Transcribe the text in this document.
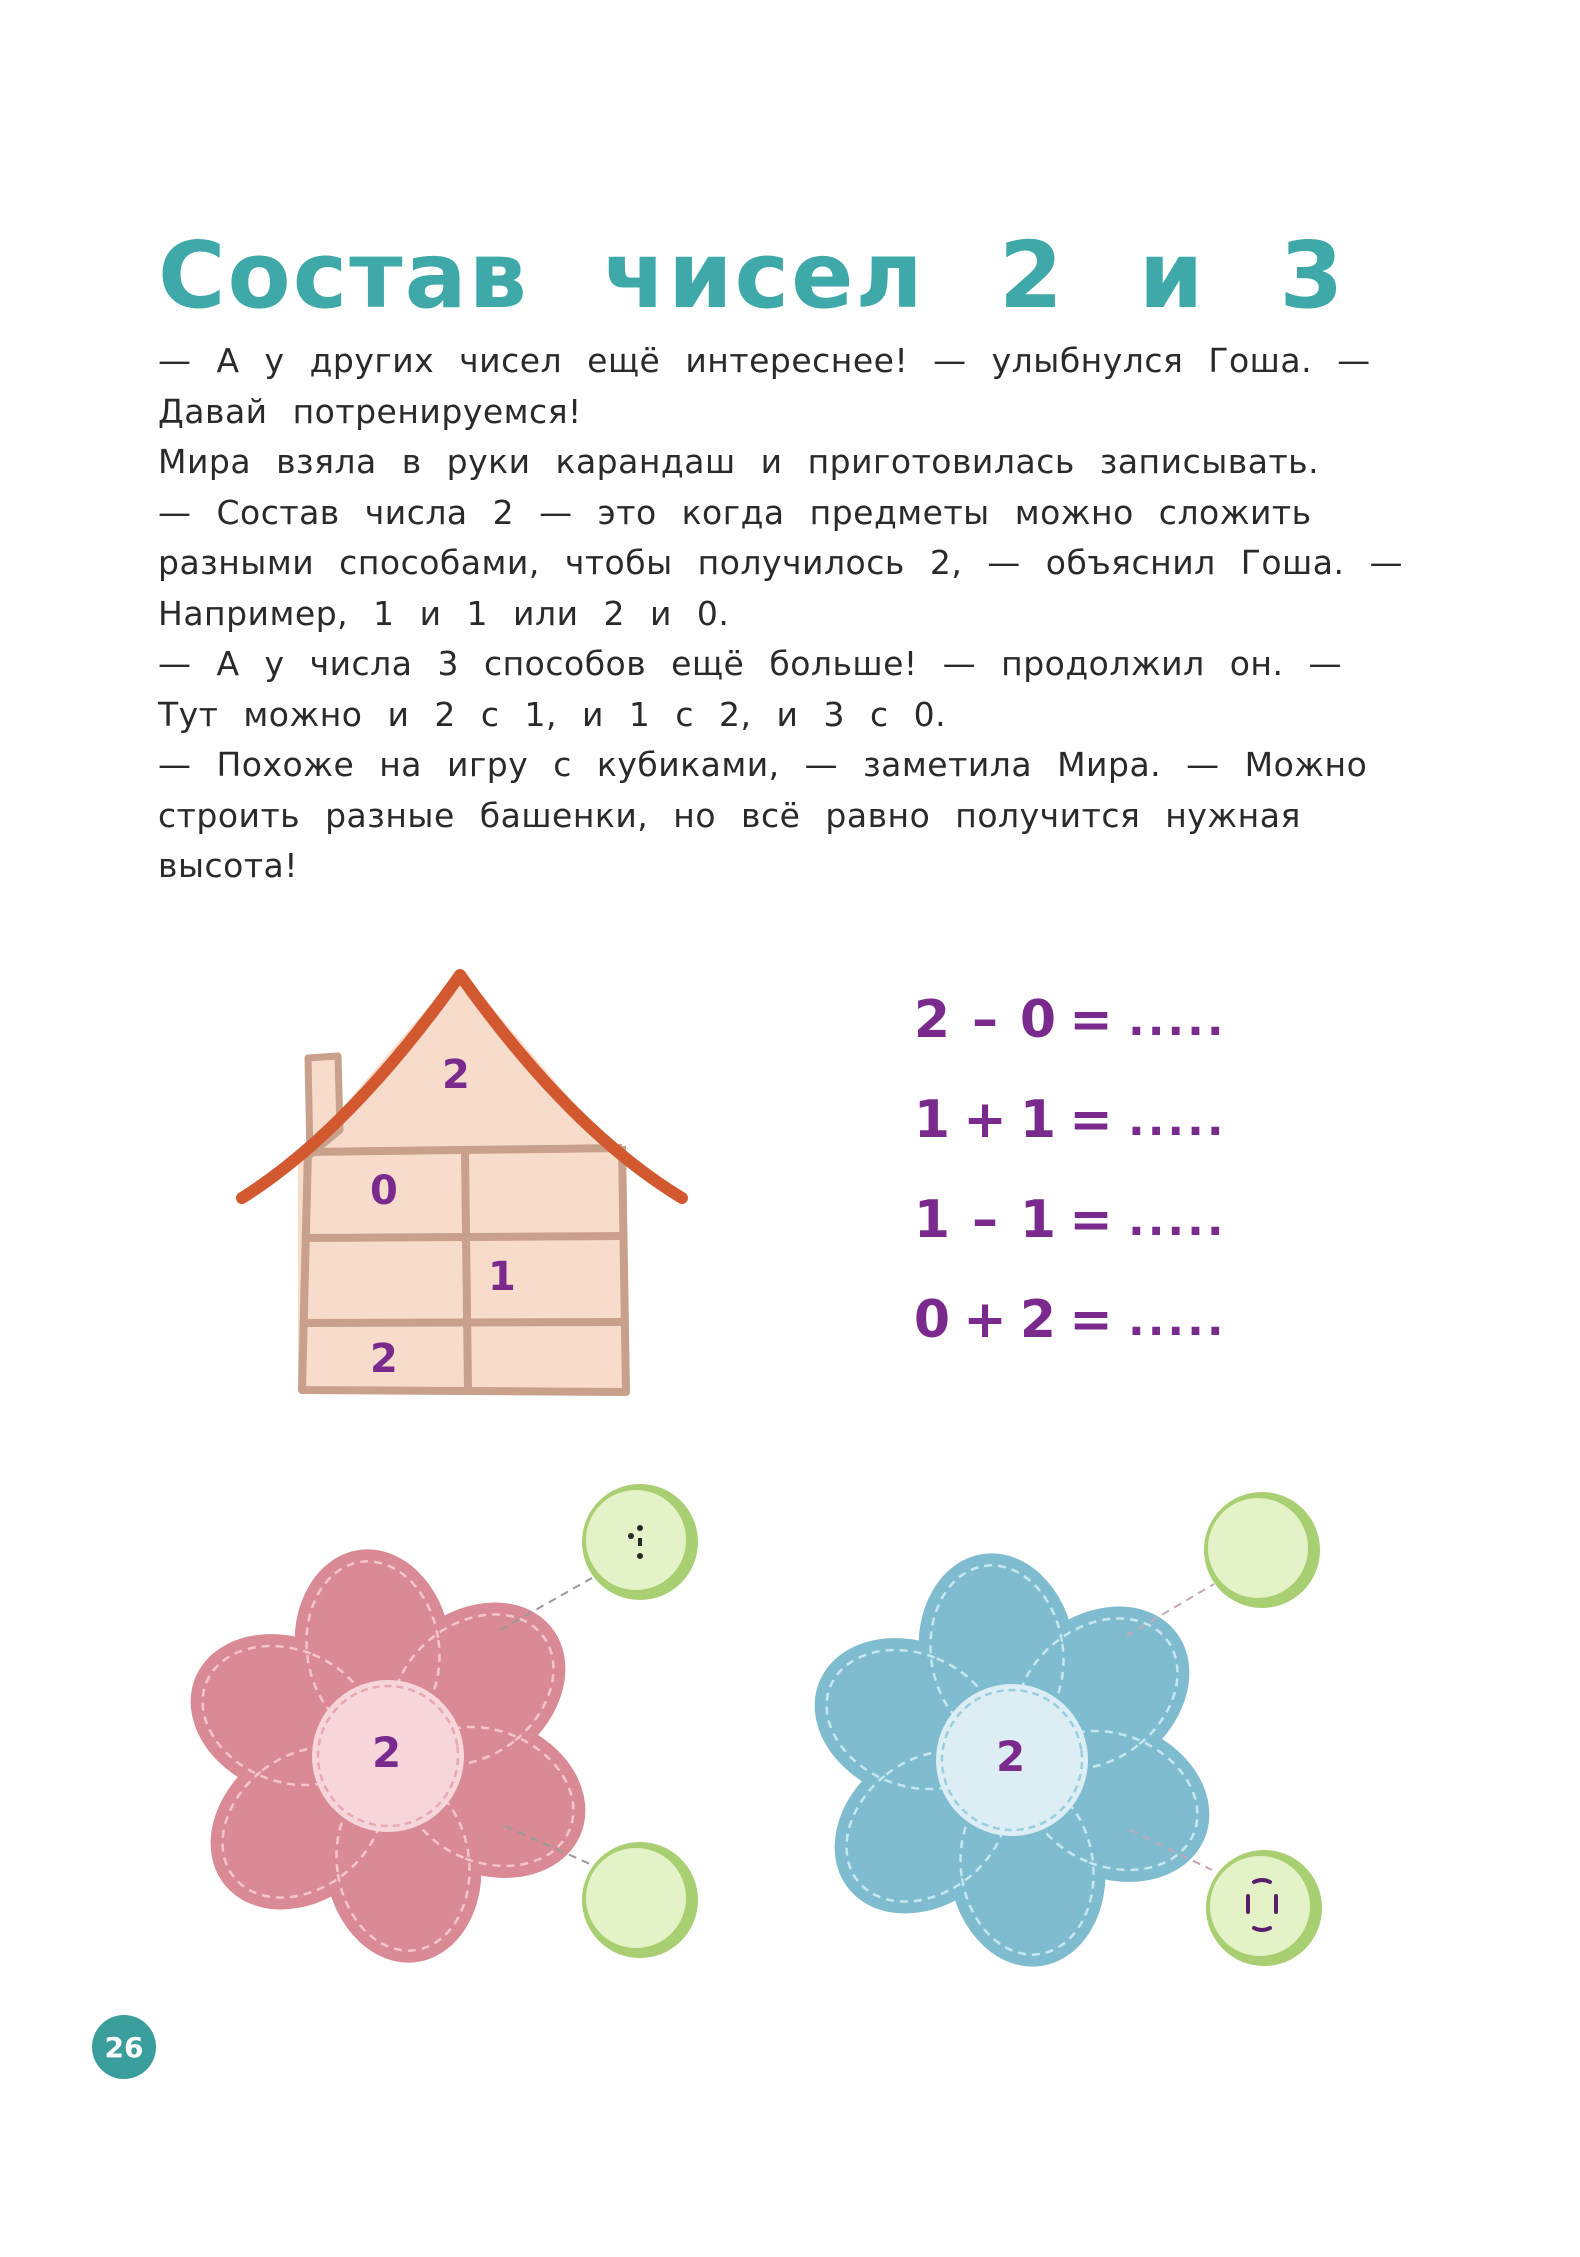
Состав чисел 2 и 3
— А у других чисел ещё интереснее! — улыбнулся Гоша. —
Давай потренируемся!
Мира взяла в руки карандаш и приготовилась записывать.
— Состав числа 2 — это когда предметы можно сложить
разными способами, чтобы получилось 2, — объяснил Гоша. —
Например, 1 и 1 или 2 и 0.
— А у числа 3 способов ещё больше! — продолжил он. —
Тут можно и 2 с 1, и 1 с 2, и 3 с 0.
— Похоже на игру с кубиками, — заметила Мира. — Можно
строить разные башенки, но всё равно получится нужная
высота!
2
0
1
2
2 – 0 = .....
1 + 1 = .....
1 – 1 = .....
0 + 2 = .....
2	2
26
